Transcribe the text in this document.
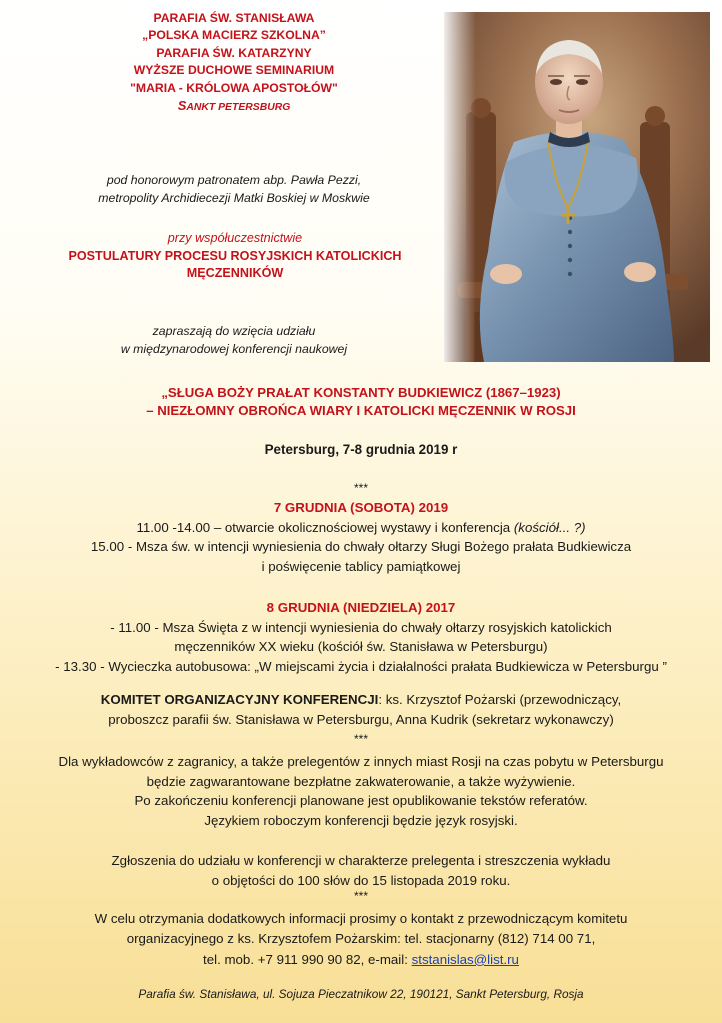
PARAFIA ŚW. STANISŁAWA
„POLSKA MACIERZ SZKOLNA”
PARAFIA ŚW. KATARZYNY
WYŻSZE DUCHOWE SEMINARIUM
"MARIA - KRÓLOWA APOSTOŁÓW"
SANKT PETERSBURG
pod honorowym patronatem abp. Pawła Pezzi,
metropolity Archidiecezji Matki Boskiej w Moskwie
przy współuczestnictwie
POSTULATURY PROCESU ROSYJSKICH KATOLICKICH
MĘCZENNIKÓW
zapraszają do wzięcia udziału
w międzynarodowej konferencji naukowej
„SŁUGA BOŻY PRAŁAT KONSTANTY BUDKIEWICZ (1867–1923)
– NIEZŁOMNY OBROŃCA WIARY I KATOLICKI MĘCZENNIK W ROSJI
Petersburg, 7-8 grudnia 2019 r
***
7 GRUDNIA (SOBOTA) 2019
11.00 -14.00 – otwarcie okolicznościowej wystawy i konferencja (kościół... ?)
15.00 - Msza św. w intencji wyniesienia do chwały ołtarzy Sługi Bożego prałata Budkiewicza
i poświęcenie tablicy pamiątkowej
8 GRUDNIA (NIEDZIELA) 2017
- 11.00 - Msza Święta z w intencji wyniesienia do chwały ołtarzy rosyjskich katolickich
męczenników XX wieku (kościół św. Stanisława w Petersburgu)
- 13.30 - Wycieczka autobusowa: „W miejscami życia i działalności prałata Budkiewicza w Petersburgu ”
KOMITET ORGANIZACYJNY KONFERENCJI: ks. Krzysztof Pożarski (przewodniczący,
proboszcz parafii św. Stanisława w Petersburgu, Anna Kudrik (sekretarz wykonawczy)
***
Dla wykładowców z zagranicy, a także prelegentów z innych miast Rosji na czas pobytu w Petersburgu
będzie zagwarantowane bezpłatne zakwaterowanie, a także wyżywienie.
Po zakończeniu konferencji planowane jest opublikowanie tekstów referatów.
Językiem roboczym konferencji będzie język rosyjski.
Zgłoszenia do udziału w konferencji w charakterze prelegenta i streszczenia wykładu
o objętości do 100 słów do 15 listopada 2019 roku.
***
W celu otrzymania dodatkowych informacji prosimy o kontakt z przewodniczącym komitetu
organizacyjnego z ks. Krzysztofem Pożarskim: tel. stacjonarny (812) 714 00 71,
tel. mob. +7 911 990 90 82, e-mail: ststanislas@list.ru
Parafia św. Stanisława, ul. Sojuza Pieczatnikow 22, 190121, Sankt Petersburg, Rosja
